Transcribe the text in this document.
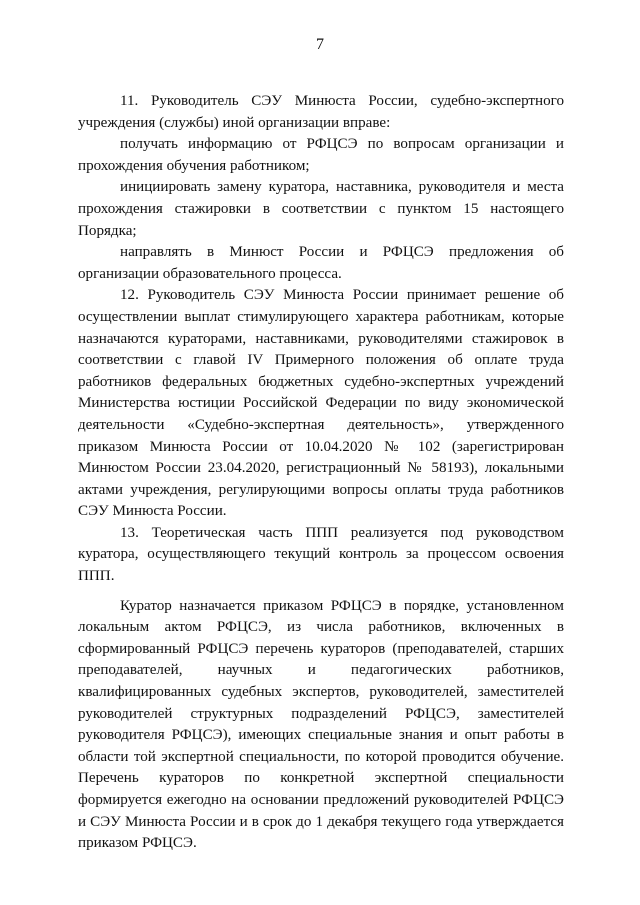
7

11. Руководитель СЭУ Минюста России, судебно-экспертного учреждения (службы) иной организации вправе:

получать информацию от РФЦСЭ по вопросам организации и прохождения обучения работником;

инициировать замену куратора, наставника, руководителя и места прохождения стажировки в соответствии с пунктом 15 настоящего Порядка;

направлять в Минюст России и РФЦСЭ предложения об организации образовательного процесса.

12. Руководитель СЭУ Минюста России принимает решение об осуществлении выплат стимулирующего характера работникам, которые назначаются кураторами, наставниками, руководителями стажировок в соответствии с главой IV Примерного положения об оплате труда работников федеральных бюджетных судебно-экспертных учреждений Министерства юстиции Российской Федерации по виду экономической деятельности «Судебно-экспертная деятельность», утвержденного приказом Минюста России от 10.04.2020 № 102 (зарегистрирован Минюстом России 23.04.2020, регистрационный № 58193), локальными актами учреждения, регулирующими вопросы оплаты труда работников СЭУ Минюста России.

13. Теоретическая часть ППП реализуется под руководством куратора, осуществляющего текущий контроль за процессом освоения ППП.

Куратор назначается приказом РФЦСЭ в порядке, установленном локальным актом РФЦСЭ, из числа работников, включенных в сформированный РФЦСЭ перечень кураторов (преподавателей, старших преподавателей, научных и педагогических работников, квалифицированных судебных экспертов, руководителей, заместителей руководителей структурных подразделений РФЦСЭ, заместителей руководителя РФЦСЭ), имеющих специальные знания и опыт работы в области той экспертной специальности, по которой проводится обучение. Перечень кураторов по конкретной экспертной специальности формируется ежегодно на основании предложений руководителей РФЦСЭ и СЭУ Минюста России и в срок до 1 декабря текущего года утверждается приказом РФЦСЭ.
